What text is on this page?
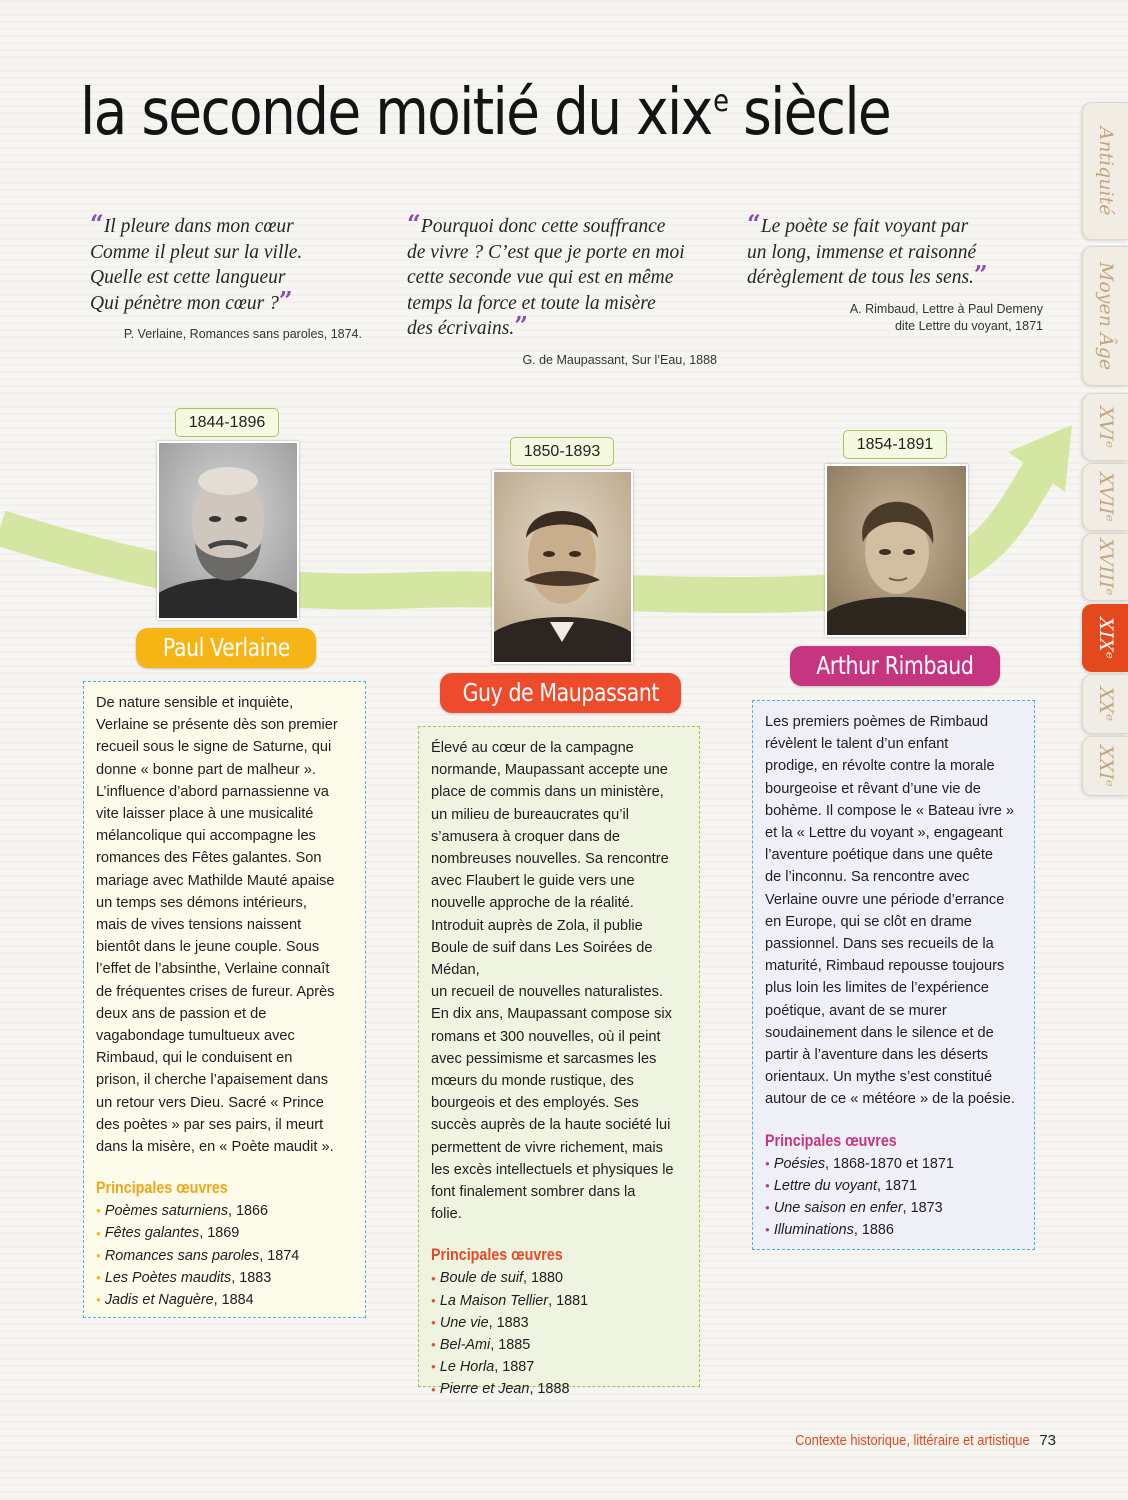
la seconde moitié du xix$^e$ siècle
“Il pleure dans mon cœur
Comme il pleut sur la ville.
Quelle est cette langueur
Qui pénètre mon cœur ?”
P. Verlaine, Romances sans paroles, 1874.
“Pourquoi donc cette souffrance
de vivre ? C’est que je porte en moi
cette seconde vue qui est en même
temps la force et toute la misère
des écrivains.”
G. de Maupassant, Sur l’Eau, 1888
“Le poète se fait voyant par
un long, immense et raisonné
dérèglement de tous les sens.”
A. Rimbaud, Lettre à Paul Demeny
dite Lettre du voyant, 1871
1844-1896
Paul Verlaine
De nature sensible et inquiète,
Verlaine se présente dès son premier
recueil sous le signe de Saturne, qui
donne « bonne part de malheur ».
L’influence d’abord parnassienne va
vite laisser place à une musicalité
mélancolique qui accompagne les
romances des Fêtes galantes. Son
mariage avec Mathilde Mauté apaise
un temps ses démons intérieurs,
mais de vives tensions naissent
bientôt dans le jeune couple. Sous
l’effet de l’absinthe, Verlaine connaît
de fréquentes crises de fureur. Après
deux ans de passion et de
vagabondage tumultueux avec
Rimbaud, qui le conduisent en
prison, il cherche l’apaisement dans
un retour vers Dieu. Sacré « Prince
des poètes » par ses pairs, il meurt
dans la misère, en « Poète maudit ».
Principales œuvres
● Poèmes saturniens, 1866
● Fêtes galantes, 1869
● Romances sans paroles, 1874
● Les Poètes maudits, 1883
● Jadis et Naguère, 1884
1850-1893
Guy de Maupassant
Élevé au cœur de la campagne
normande, Maupassant accepte une
place de commis dans un ministère,
un milieu de bureaucrates qu’il
s’amusera à croquer dans de
nombreuses nouvelles. Sa rencontre
avec Flaubert le guide vers une
nouvelle approche de la réalité.
Introduit auprès de Zola, il publie
Boule de suif dans Les Soirées de Médan,
un recueil de nouvelles naturalistes.
En dix ans, Maupassant compose six
romans et 300 nouvelles, où il peint
avec pessimisme et sarcasmes les
mœurs du monde rustique, des
bourgeois et des employés. Ses
succès auprès de la haute société lui
permettent de vivre richement, mais
les excès intellectuels et physiques le
font finalement sombrer dans la
folie.
Principales œuvres
● Boule de suif, 1880
● La Maison Tellier, 1881
● Une vie, 1883
● Bel-Ami, 1885
● Le Horla, 1887
● Pierre et Jean, 1888
1854-1891
Arthur Rimbaud
Les premiers poèmes de Rimbaud
révèlent le talent d’un enfant
prodige, en révolte contre la morale
bourgeoise et rêvant d’une vie de
bohème. Il compose le « Bateau ivre »
et la « Lettre du voyant », engageant
l’aventure poétique dans une quête
de l’inconnu. Sa rencontre avec
Verlaine ouvre une période d’errance
en Europe, qui se clôt en drame
passionnel. Dans ses recueils de la
maturité, Rimbaud repousse toujours
plus loin les limites de l’expérience
poétique, avant de se murer
soudainement dans le silence et de
partir à l’aventure dans les déserts
orientaux. Un mythe s’est constitué
autour de ce « météore » de la poésie.
Principales œuvres
● Poésies, 1868-1870 et 1871
● Lettre du voyant, 1871
● Une saison en enfer, 1873
● Illuminations, 1886
Antiquité
Moyen Âge
XVIᵉ
XVIIᵉ
XVIIIᵉ
XIXᵉ
XXᵉ
XXIᵉ
Contexte historique, littéraire et artistique 73
